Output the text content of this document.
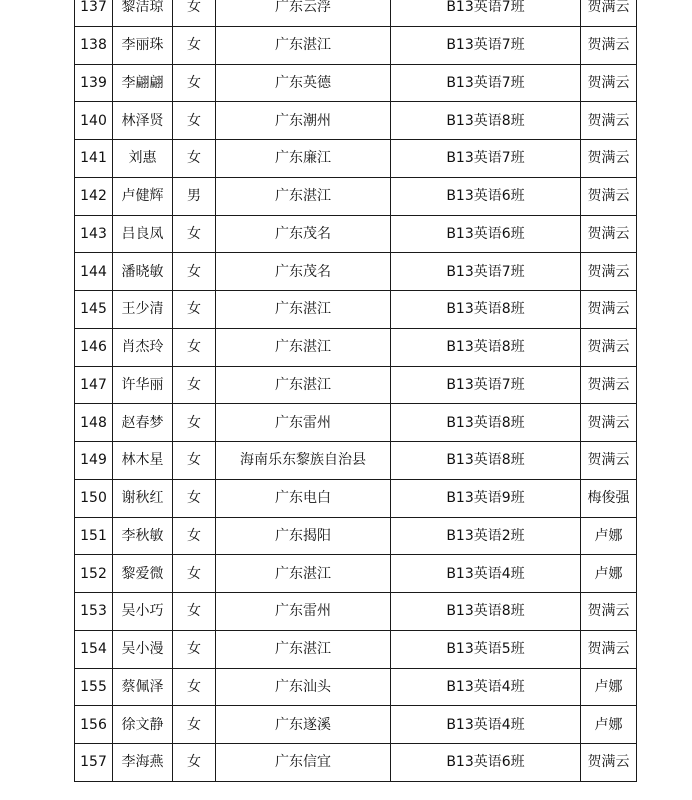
137	黎洁琼	女	广东云浮	B13英语7班	贺满云
138	李丽珠	女	广东湛江	B13英语7班	贺满云
139	李翩翩	女	广东英德	B13英语7班	贺满云
140	林泽贤	女	广东潮州	B13英语8班	贺满云
141	刘惠	女	广东廉江	B13英语7班	贺满云
142	卢健辉	男	广东湛江	B13英语6班	贺满云
143	吕良凤	女	广东茂名	B13英语6班	贺满云
144	潘晓敏	女	广东茂名	B13英语7班	贺满云
145	王少清	女	广东湛江	B13英语8班	贺满云
146	肖杰玲	女	广东湛江	B13英语8班	贺满云
147	许华丽	女	广东湛江	B13英语7班	贺满云
148	赵春梦	女	广东雷州	B13英语8班	贺满云
149	林木星	女	海南乐东黎族自治县	B13英语8班	贺满云
150	谢秋红	女	广东电白	B13英语9班	梅俊强
151	李秋敏	女	广东揭阳	B13英语2班	卢娜
152	黎爱微	女	广东湛江	B13英语4班	卢娜
153	吴小巧	女	广东雷州	B13英语8班	贺满云
154	吴小漫	女	广东湛江	B13英语5班	贺满云
155	蔡佩泽	女	广东汕头	B13英语4班	卢娜
156	徐文静	女	广东遂溪	B13英语4班	卢娜
157	李海燕	女	广东信宜	B13英语6班	贺满云
